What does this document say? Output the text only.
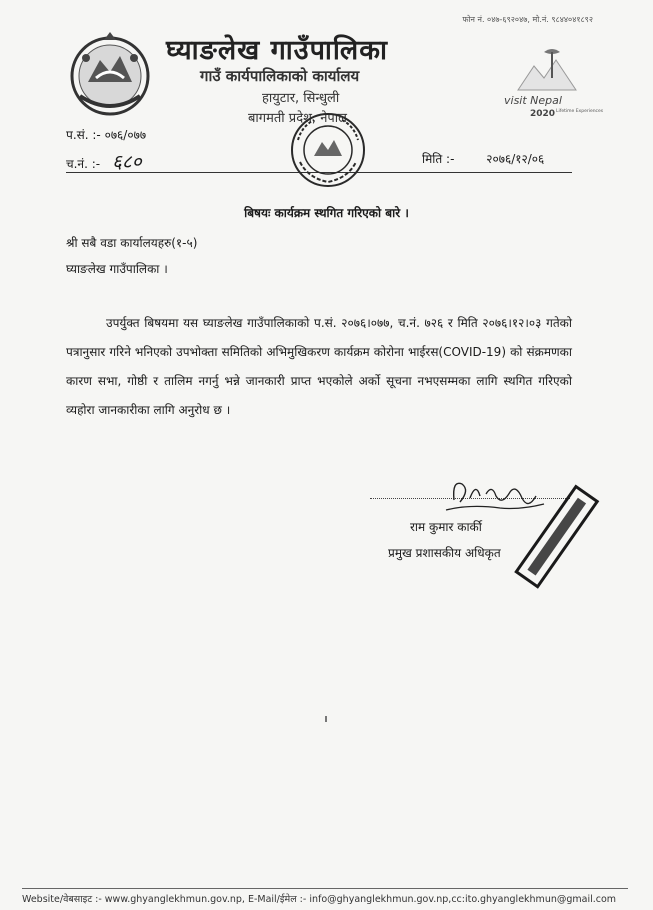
फोन नं. ०४७-६९२०४७, मो.नं. ९८४४०४१८९२
घ्याङलेख गाउँपालिका
गाउँ कार्यपालिकाको कार्यालय
हायुटार, सिन्धुली
बागमती प्रदेश, नेपाल
visit Nepal
2020 Lifetime Experiences
प.सं. :- ०७६/०७७
च.नं. :- ६८०	मिति :-	२०७६/१२/०६
बिषयः कार्यक्रम स्थगित गरिएको बारे ।
श्री सबै वडा कार्यालयहरु(१-५)
घ्याङलेख गाउँपालिका ।
उपर्युक्त बिषयमा यस घ्याङलेख गाउँपालिकाको प.सं. २०७६।०७७, च.नं. ७२६ र मिति २०७६।१२।०३ गतेको पत्रानुसार गरिने भनिएको उपभोक्ता समितिको अभिमुखिकरण कार्यक्रम कोरोना भाईरस(COVID-19) को संक्रमणका कारण सभा, गोष्ठी र तालिम नगर्नु भन्ने जानकारी प्राप्त भएकोले अर्को सूचना नभएसम्मका लागि स्थगित गरिएको व्यहोरा जानकारीका लागि अनुरोध छ ।
राम कुमार कार्की
प्रमुख प्रशासकीय अधिकृत
Website/वेबसाइट :- www.ghyanglekhmun.gov.np, E-Mail/ईमेल :- info@ghyanglekhmun.gov.np,cc:ito.ghyanglekhmun@gmail.com
